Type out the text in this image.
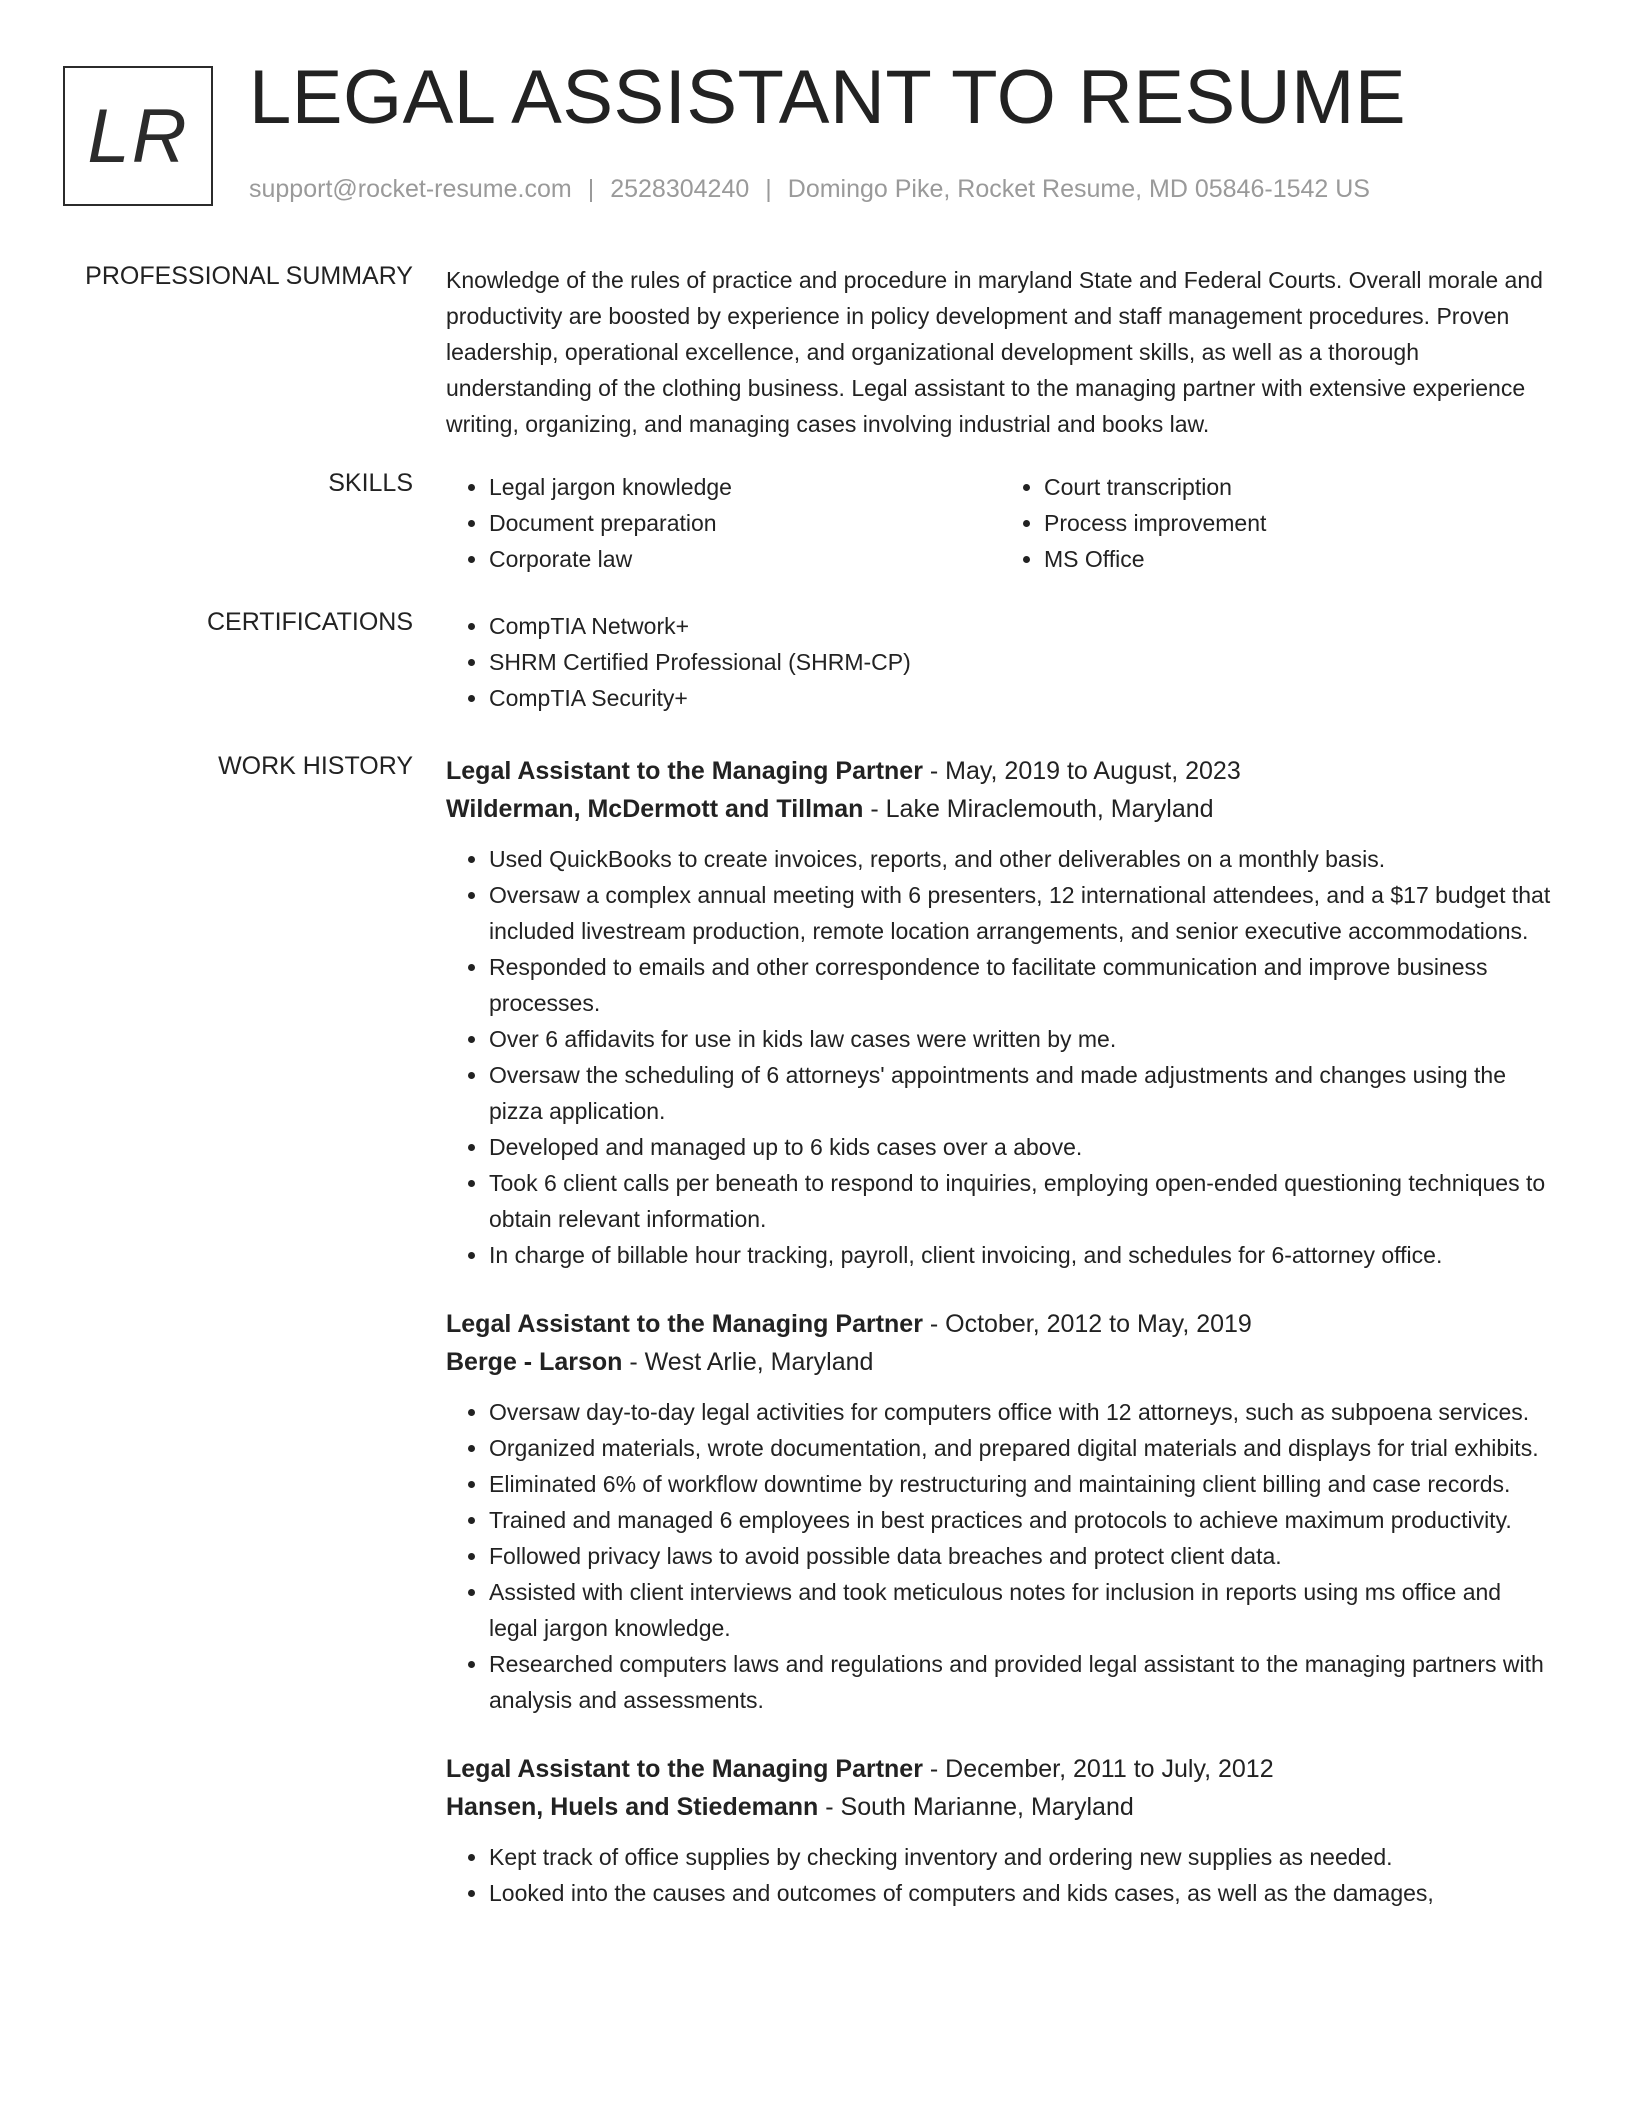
LR LEGAL ASSISTANT TO RESUME
support@rocket-resume.com | 2528304240 | Domingo Pike, Rocket Resume, MD 05846-1542 US
PROFESSIONAL SUMMARY Knowledge of the rules of practice and procedure in maryland State and Federal Courts. Overall morale and productivity are boosted by experience in policy development and staff management procedures. Proven leadership, operational excellence, and organizational development skills, as well as a thorough understanding of the clothing business. Legal assistant to the managing partner with extensive experience writing, organizing, and managing cases involving industrial and books law.
SKILLS	• Legal jargon knowledge
• Document preparation
• Corporate law
• Court transcription
• Process improvement
• MS Office
CERTIFICATIONS	• CompTIA Network+
• SHRM Certified Professional (SHRM-CP)
• CompTIA Security+
WORK HISTORY Legal Assistant to the Managing Partner - May, 2019 to August, 2023
Wilderman, McDermott and Tillman - Lake Miraclemouth, Maryland
• Used QuickBooks to create invoices, reports, and other deliverables on a monthly basis.
• Oversaw a complex annual meeting with 6 presenters, 12 international attendees, and a $17 budget that included livestream production, remote location arrangements, and senior executive accommodations.
• Responded to emails and other correspondence to facilitate communication and improve business processes.
• Over 6 affidavits for use in kids law cases were written by me.
• Oversaw the scheduling of 6 attorneys' appointments and made adjustments and changes using the pizza application.
• Developed and managed up to 6 kids cases over a above.
• Took 6 client calls per beneath to respond to inquiries, employing open-ended questioning techniques to obtain relevant information.
• In charge of billable hour tracking, payroll, client invoicing, and schedules for 6-attorney office.
Legal Assistant to the Managing Partner - October, 2012 to May, 2019
Berge - Larson - West Arlie, Maryland
• Oversaw day-to-day legal activities for computers office with 12 attorneys, such as subpoena services.
• Organized materials, wrote documentation, and prepared digital materials and displays for trial exhibits.
• Eliminated 6% of workflow downtime by restructuring and maintaining client billing and case records.
• Trained and managed 6 employees in best practices and protocols to achieve maximum productivity.
• Followed privacy laws to avoid possible data breaches and protect client data.
• Assisted with client interviews and took meticulous notes for inclusion in reports using ms office and legal jargon knowledge.
• Researched computers laws and regulations and provided legal assistant to the managing partners with analysis and assessments.
Legal Assistant to the Managing Partner - December, 2011 to July, 2012
Hansen, Huels and Stiedemann - South Marianne, Maryland
• Kept track of office supplies by checking inventory and ordering new supplies as needed.
• Looked into the causes and outcomes of computers and kids cases, as well as the damages,
